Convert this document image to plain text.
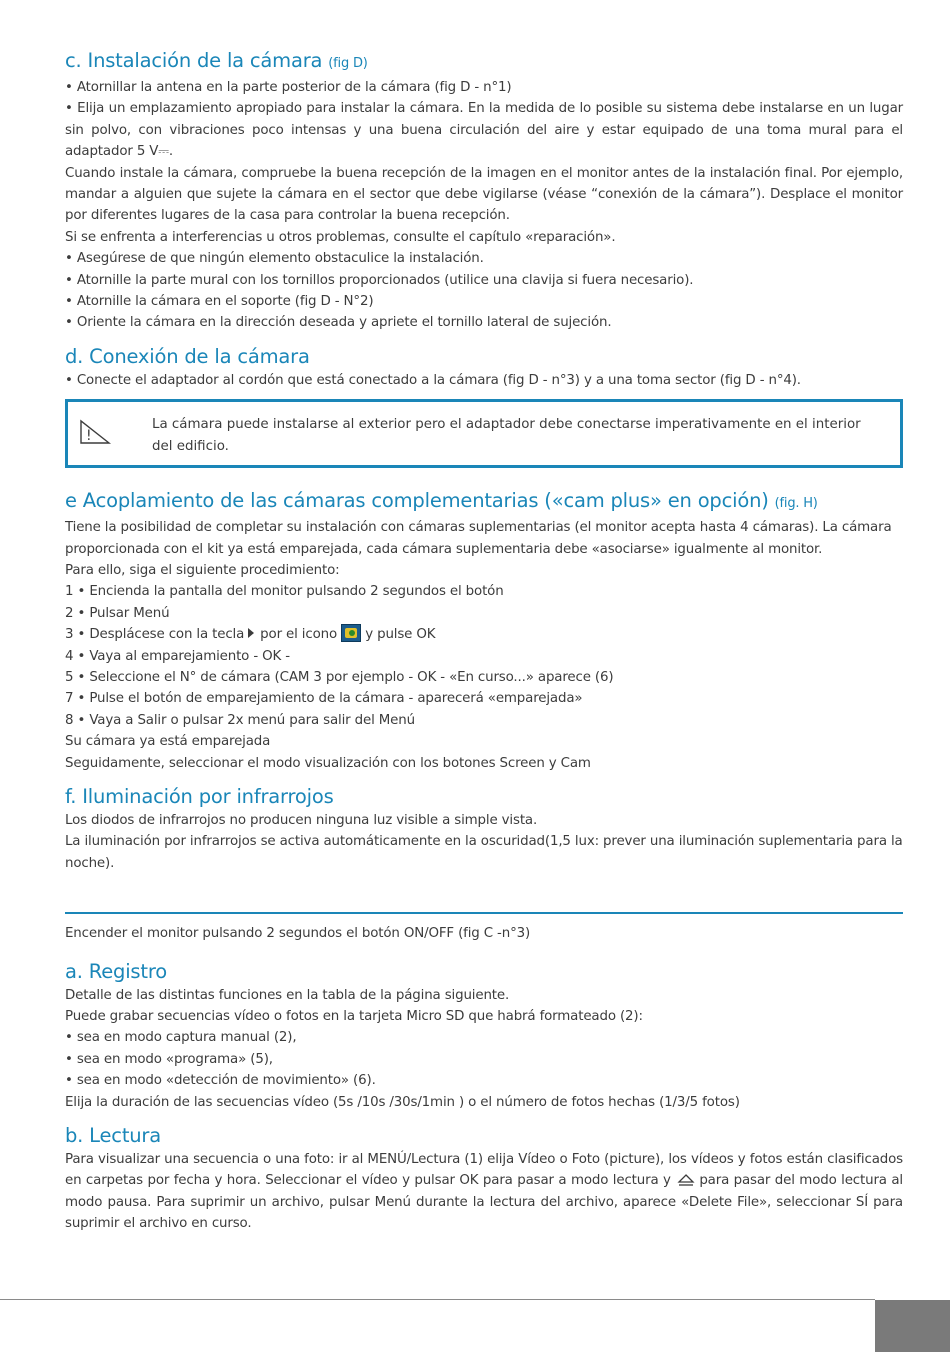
c. Instalación de la cámara (fig D)

• Atornillar la antena en la parte posterior de la cámara (fig D - n°1)

• Elija un emplazamiento apropiado para instalar la cámara. En la medida de lo posible su sistema debe instalarse en un lugar sin polvo, con vibraciones poco intensas y una buena circulación del aire y estar equipado de una toma mural para el adaptador 5 V⎓.

Cuando instale la cámara, compruebe la buena recepción de la imagen en el monitor antes de la instalación final. Por ejemplo, mandar a alguien que sujete la cámara en el sector que debe vigilarse (véase “conexión de la cámara”). Desplace el monitor por diferentes lugares de la casa para controlar la buena recepción.

Si se enfrenta a interferencias u otros problemas, consulte el capítulo «reparación».

• Asegúrese de que ningún elemento obstaculice la instalación.

• Atornille la parte mural con los tornillos proporcionados (utilice una clavija si fuera necesario).

• Atornille la cámara en el soporte (fig D - N°2)

• Oriente la cámara en la dirección deseada y apriete el tornillo lateral de sujeción.

d. Conexión de la cámara

• Conecte el adaptador al cordón que está conectado a la cámara (fig D - n°3) y a una toma sector (fig D - n°4).

!
La cámara puede instalarse al exterior pero el adaptador debe conectarse imperativamente en el interior del edificio.
e Acoplamiento de las cámaras complementarias («cam plus» en opción) (fig. H)

Tiene la posibilidad de completar su instalación con cámaras suplementarias (el monitor acepta hasta 4 cámaras). La cámara proporcionada con el kit ya está emparejada, cada cámara suplementaria debe «asociarse» igualmente al monitor.

Para ello, siga el siguiente procedimiento:

1 • Encienda la pantalla del monitor pulsando 2 segundos el botón

2 • Pulsar Menú

3 • Desplácese con la tecla por el icono y pulse OK

4 • Vaya al emparejamiento - OK -

5 • Seleccione el N° de cámara (CAM 3 por ejemplo - OK - «En curso...» aparece (6)

7 • Pulse el botón de emparejamiento de la cámara - aparecerá «emparejada»

8 • Vaya a Salir o pulsar 2x menú para salir del Menú

Su cámara ya está emparejada

Seguidamente, seleccionar el modo visualización con los botones Screen y Cam

f. Iluminación por infrarrojos

Los diodos de infrarrojos no producen ninguna luz visible a simple vista.

La iluminación por infrarrojos se activa automáticamente en la oscuridad(1,5 lux: prever una iluminación suplementaria para la noche).

Encender el monitor pulsando 2 segundos el botón ON/OFF (fig C -n°3)

a. Registro

Detalle de las distintas funciones en la tabla de la página siguiente.

Puede grabar secuencias vídeo o fotos en la tarjeta Micro SD que habrá formateado (2):

• sea en modo captura manual (2),

• sea en modo «programa» (5),

• sea en modo «detección de movimiento» (6).

Elija la duración de las secuencias vídeo (5s /10s /30s/1min ) o el número de fotos hechas (1/3/5 fotos)

b. Lectura

Para visualizar una secuencia o una foto: ir al MENÚ/Lectura (1) elija Vídeo o Foto (picture), los vídeos y fotos están clasificados en carpetas por fecha y hora. Seleccionar el vídeo y pulsar OK para pasar a modo lectura y para pasar del modo lectura al modo pausa. Para suprimir un archivo, pulsar Menú durante la lectura del archivo, aparece «Delete File», seleccionar SÍ para suprimir el archivo en curso.
